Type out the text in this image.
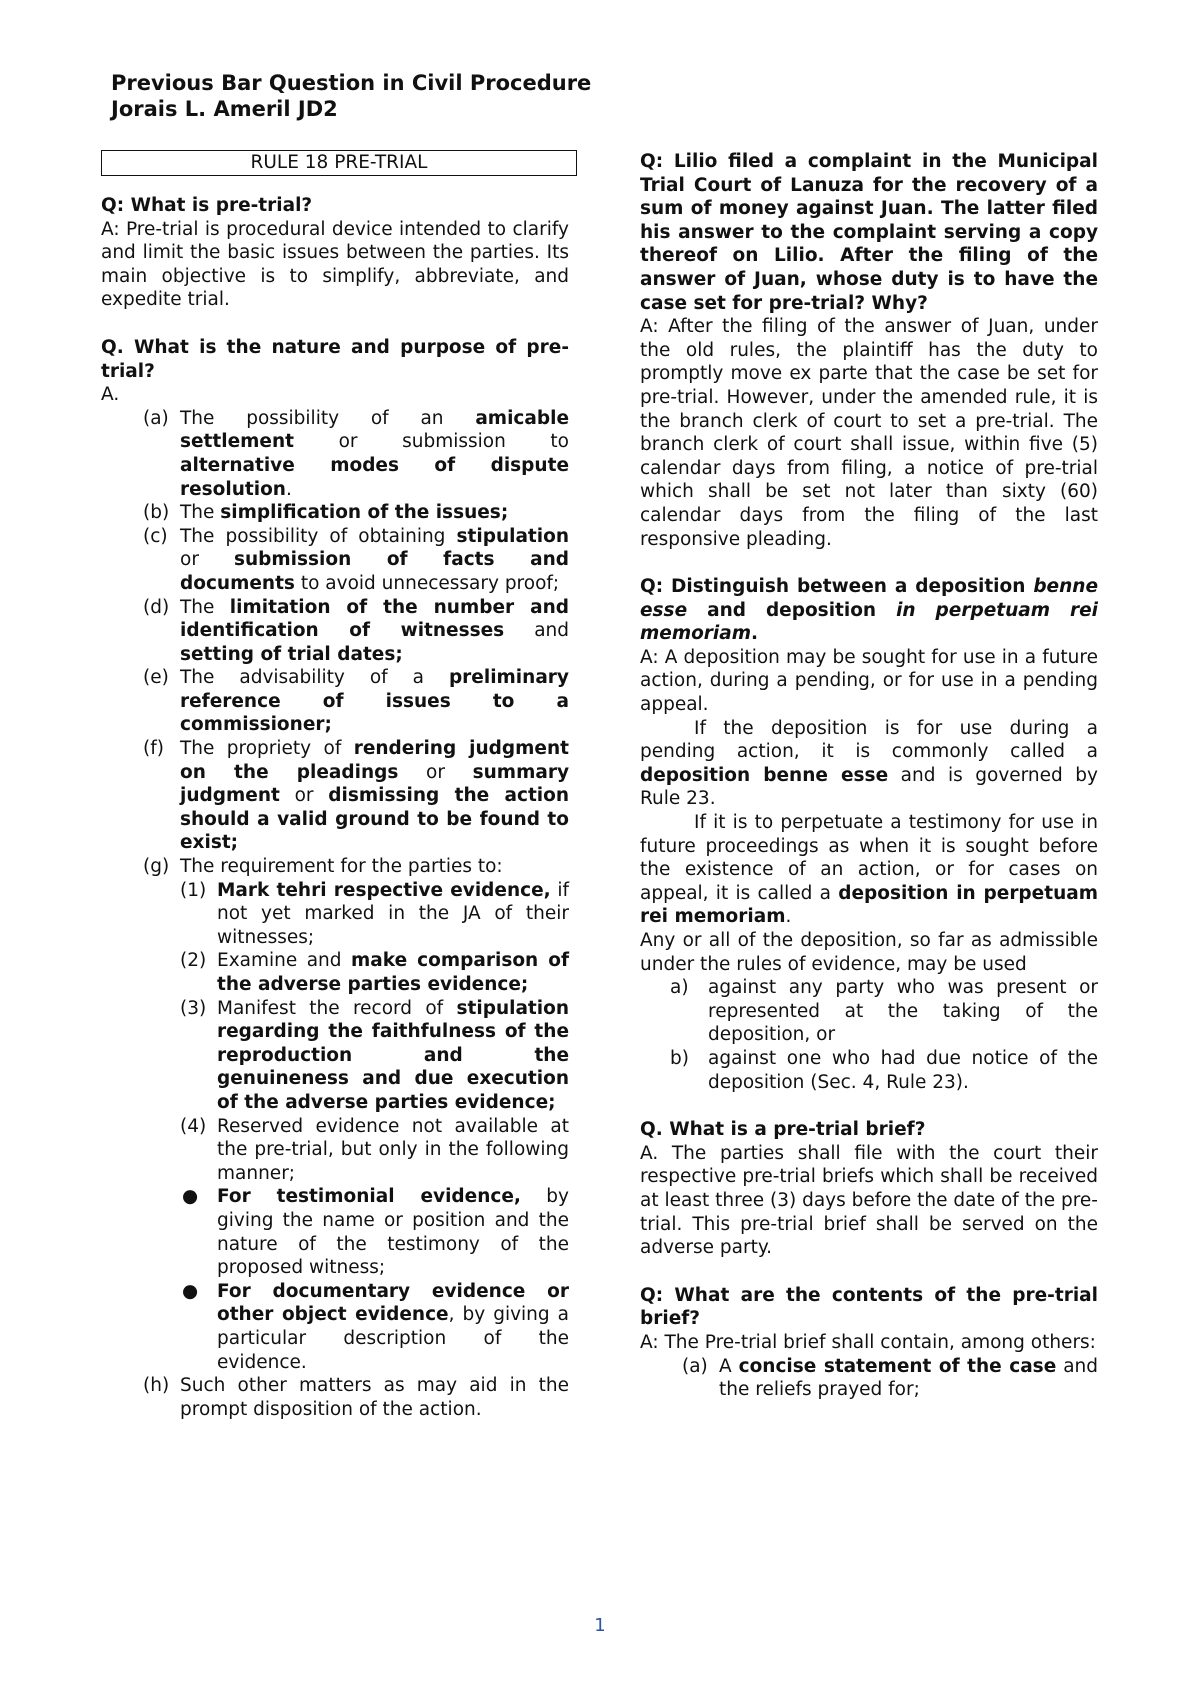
Previous Bar Question in Civil Procedure
Jorais L. Ameril JD2
RULE 18 PRE-TRIAL

Q: What is pre-trial?

A: Pre-trial is procedural device intended to clarify and limit the basic issues between the parties. Its main objective is to simplify, abbreviate, and expedite trial.

Q. What is the nature and purpose of pre-trial?

A.

(a) The possibility of an amicable settlement or submission to alternative modes of dispute resolution.
(b) The simplification of the issues;
(c) The possibility of obtaining stipulation or submission of facts and documents to avoid unnecessary proof;
(d) The limitation of the number and identification of witnesses and setting of trial dates;
(e) The advisability of a preliminary reference of issues to a commissioner;
(f) The propriety of rendering judgment on the pleadings or summary judgment or dismissing the action should a valid ground to be found to exist;
(g) The requirement for the parties to:
(1) Mark tehri respective evidence, if not yet marked in the JA of their witnesses;
(2) Examine and make comparison of the adverse parties evidence;
(3) Manifest the record of stipulation regarding the faithfulness of the reproduction and the genuineness and due execution of the adverse parties evidence;
(4) Reserved evidence not available at the pre-trial, but only in the following manner;
● For testimonial evidence, by giving the name or position and the nature of the testimony of the proposed witness;
● For documentary evidence or other object evidence, by giving a particular description of the evidence.
(h) Such other matters as may aid in the prompt disposition of the action.

Q: Lilio filed a complaint in the Municipal Trial Court of Lanuza for the recovery of a sum of money against Juan. The latter filed his answer to the complaint serving a copy thereof on Lilio. After the filing of the answer of Juan, whose duty is to have the case set for pre-trial? Why?

A: After the filing of the answer of Juan, under the old rules, the plaintiff has the duty to promptly move ex parte that the case be set for pre-trial. However, under the amended rule, it is the branch clerk of court to set a pre-trial. The branch clerk of court shall issue, within five (5) calendar days from filing, a notice of pre-trial which shall be set not later than sixty (60) calendar days from the filing of the last responsive pleading.

Q: Distinguish between a deposition benne esse and deposition in perpetuam rei memoriam.

A: A deposition may be sought for use in a future action, during a pending, or for use in a pending appeal.

If the deposition is for use during a pending action, it is commonly called a deposition benne esse and is governed by Rule 23.

If it is to perpetuate a testimony for use in future proceedings as when it is sought before the existence of an action, or for cases on appeal, it is called a deposition in perpetuam rei memoriam.

Any or all of the deposition, so far as admissible under the rules of evidence, may be used

a) against any party who was present or represented at the taking of the deposition, or
b) against one who had due notice of the deposition (Sec. 4, Rule 23).

Q. What is a pre-trial brief?

A. The parties shall file with the court their respective pre-trial briefs which shall be received at least three (3) days before the date of the pre-trial. This pre-trial brief shall be served on the adverse party.

Q: What are the contents of the pre-trial brief?

A: The Pre-trial brief shall contain, among others:

(a) A concise statement of the case and the reliefs prayed for;
1
